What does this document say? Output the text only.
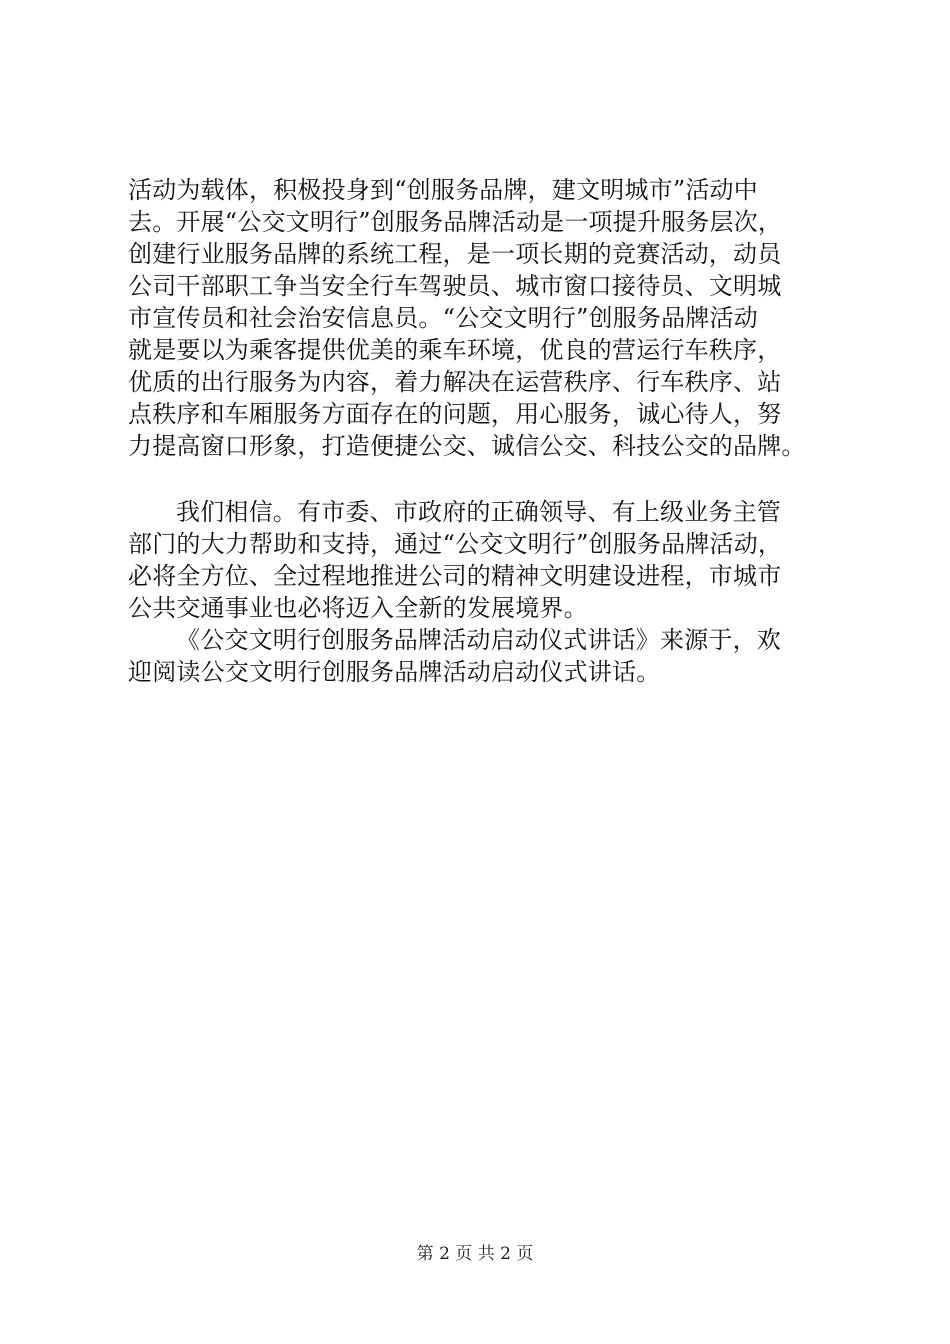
活动为载体，积极投身到“创服务品牌，建文明城市”活动中
去。开展“公交文明行”创服务品牌活动是一项提升服务层次，
创建行业服务品牌的系统工程，是一项长期的竞赛活动，动员
公司干部职工争当安全行车驾驶员、城市窗口接待员、文明城
市宣传员和社会治安信息员。“公交文明行”创服务品牌活动
就是要以为乘客提供优美的乘车环境，优良的营运行车秩序，
优质的出行服务为内容，着力解决在运营秩序、行车秩序、站
点秩序和车厢服务方面存在的问题，用心服务，诚心待人，努
力提高窗口形象，打造便捷公交、诚信公交、科技公交的品牌。
我们相信。有市委、市政府的正确领导、有上级业务主管
部门的大力帮助和支持，通过“公交文明行”创服务品牌活动，
必将全方位、全过程地推进公司的精神文明建设进程，市城市
公共交通事业也必将迈入全新的发展境界。
《公交文明行创服务品牌活动启动仪式讲话》来源于，欢
迎阅读公交文明行创服务品牌活动启动仪式讲话。
第 2 页 共 2 页
